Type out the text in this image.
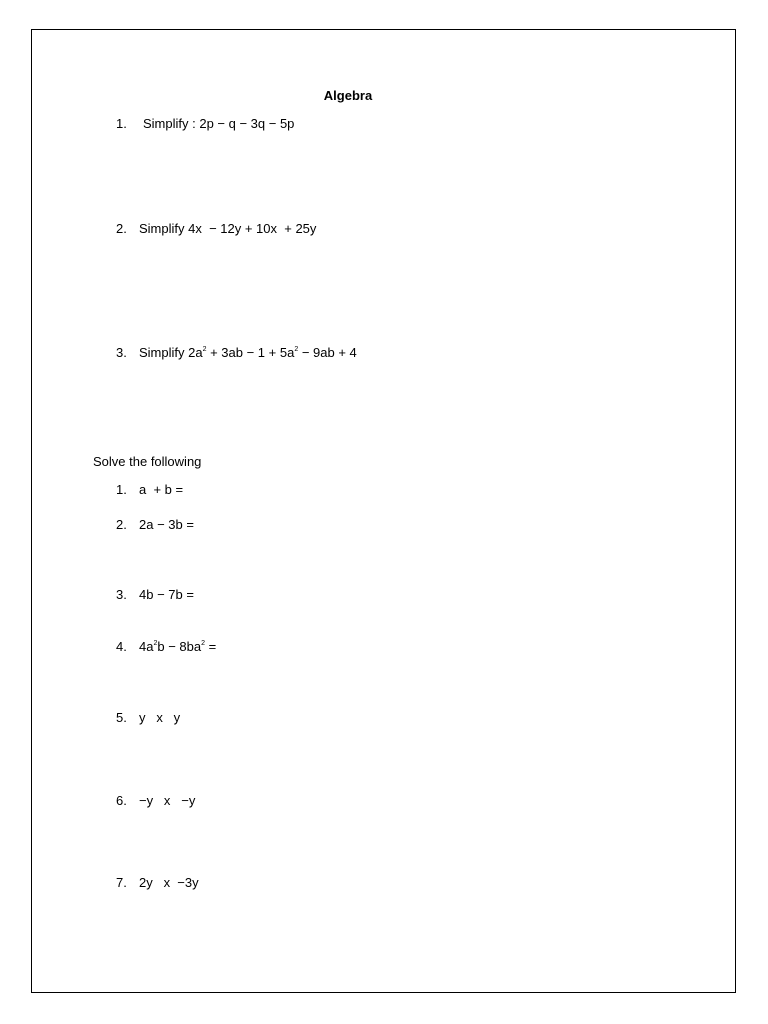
Algebra
1. Simplify : 2p − q − 3q − 5p
2. Simplify 4x  − 12y + 10x  + 25y
3. Simplify $2a^2 + 3ab - 1 + 5a^2 - 9ab + 4$
Solve the following
1. a  + b =
2. 2a − 3b =
3. 4b − 7b =
4. $4a^2b - 8ba^2$ =
5. y   x   y
6. −y   x   −y
7. 2y   x  −3y
